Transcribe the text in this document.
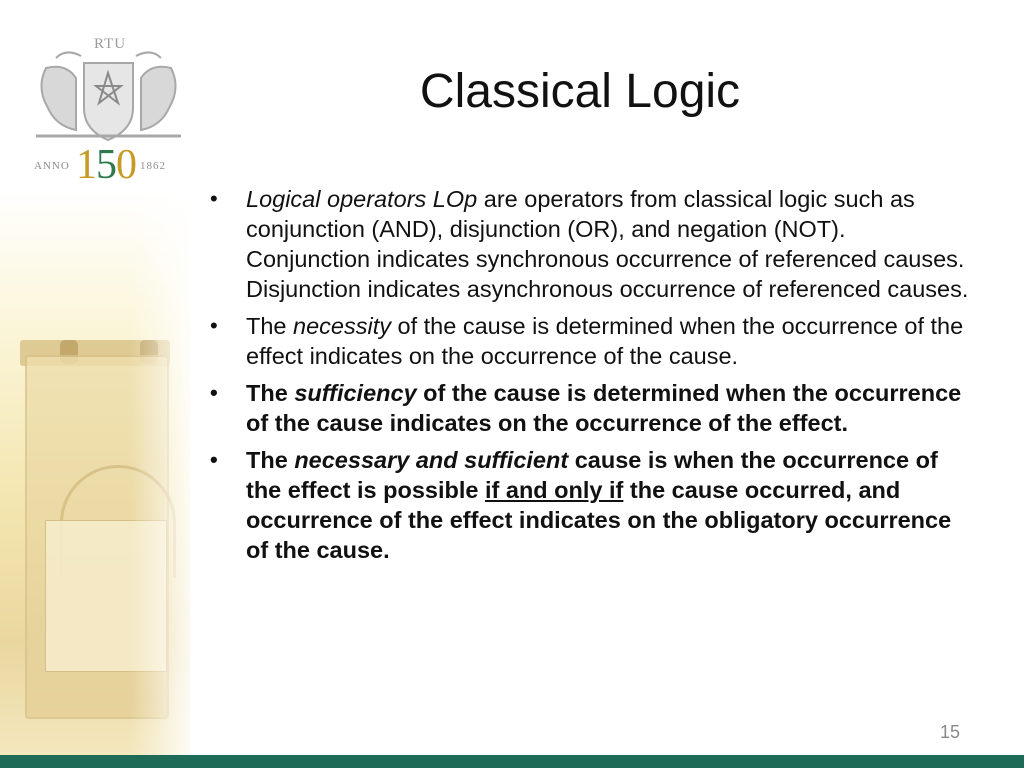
RTU
ANNO 150 1862
Classical Logic
• Logical operators LOp are operators from classical logic such as conjunction (AND), disjunction (OR), and negation (NOT). Conjunction indicates synchronous occurrence of referenced causes. Disjunction indicates asynchronous occurrence of referenced causes.
• The necessity of the cause is determined when the occurrence of the effect indicates on the occurrence of the cause.
• The sufficiency of the cause is determined when the occurrence of the cause indicates on the occurrence of the effect.
• The necessary and sufficient cause is when the occurrence of the effect is possible if and only if the cause occurred, and occurrence of the effect indicates on the obligatory occurrence of the cause.
15
